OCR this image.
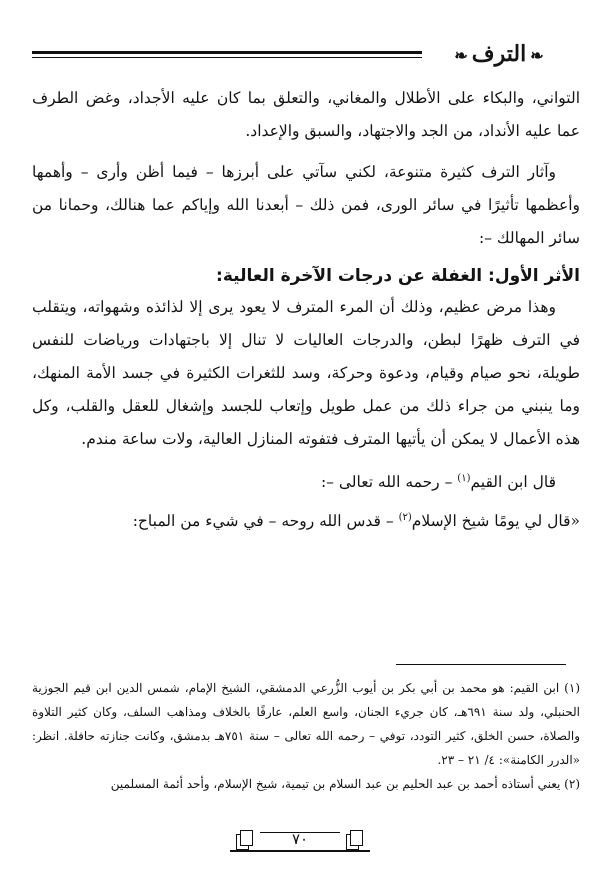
❧الترف❧

التواني، والبكاء على الأطلال والمغاني، والتعلق بما كان عليه الأجداد، وغض الطرف عما عليه الأنداد، من الجد والاجتهاد، والسبق والإعداد.

وآثار الترف كثيرة متنوعة، لكني سآتي على أبرزها – فيما أظن وأرى – وأهمها وأعظمها تأثيرًا في سائر الورى، فمن ذلك – أبعدنا الله وإياكم عما هنالك، وحمانا من سائر المهالك –:

الأثر الأول: الغفلة عن درجات الآخرة العالية:

وهذا مرض عظيم، وذلك أن المرء المترف لا يعود يرى إلا لذائذه وشهواته، ويتقلب في الترف ظهرًا لبطن، والدرجات العاليات لا تنال إلا باجتهادات ورياضات للنفس طويلة، نحو صيام وقيام، ودعوة وحركة، وسد للثغرات الكثيرة في جسد الأمة المنهك، وما ينبني من جراء ذلك من عمل طويل وإتعاب للجسد وإشغال للعقل والقلب، وكل هذه الأعمال لا يمكن أن يأتيها المترف فتفوته المنازل العالية، ولات ساعة مندم.

قال ابن القيم$^{(١)}$ – رحمه الله تعالى –:

«قال لي يومًا شيخ الإسلام$^{(٢)}$ – قدس الله روحه – في شيء من المباح:

(١) ابن القيم: هو محمد بن أبي بكر بن أيوب الزُّرعي الدمشقي، الشيخ الإمام، شمس الدين ابن قيم الجوزية الحنبلي، ولد سنة ٦٩١هـ، كان جريء الجنان، واسع العلم، عارفًا بالخلاف ومذاهب السلف، وكان كثير التلاوة والصلاة، حسن الخلق، كثير التودد، توفي – رحمه الله تعالى – سنة ٧٥١هـ بدمشق، وكانت جنازته حافلة. انظر: «الدرر الكامنة»: ٤/ ٢١ – ٢٣.

(٢) يعني أستاذه أحمد بن عبد الحليم بن عبد السلام بن تيمية، شيخ الإسلام، وأحد أئمة المسلمين

٧٠
